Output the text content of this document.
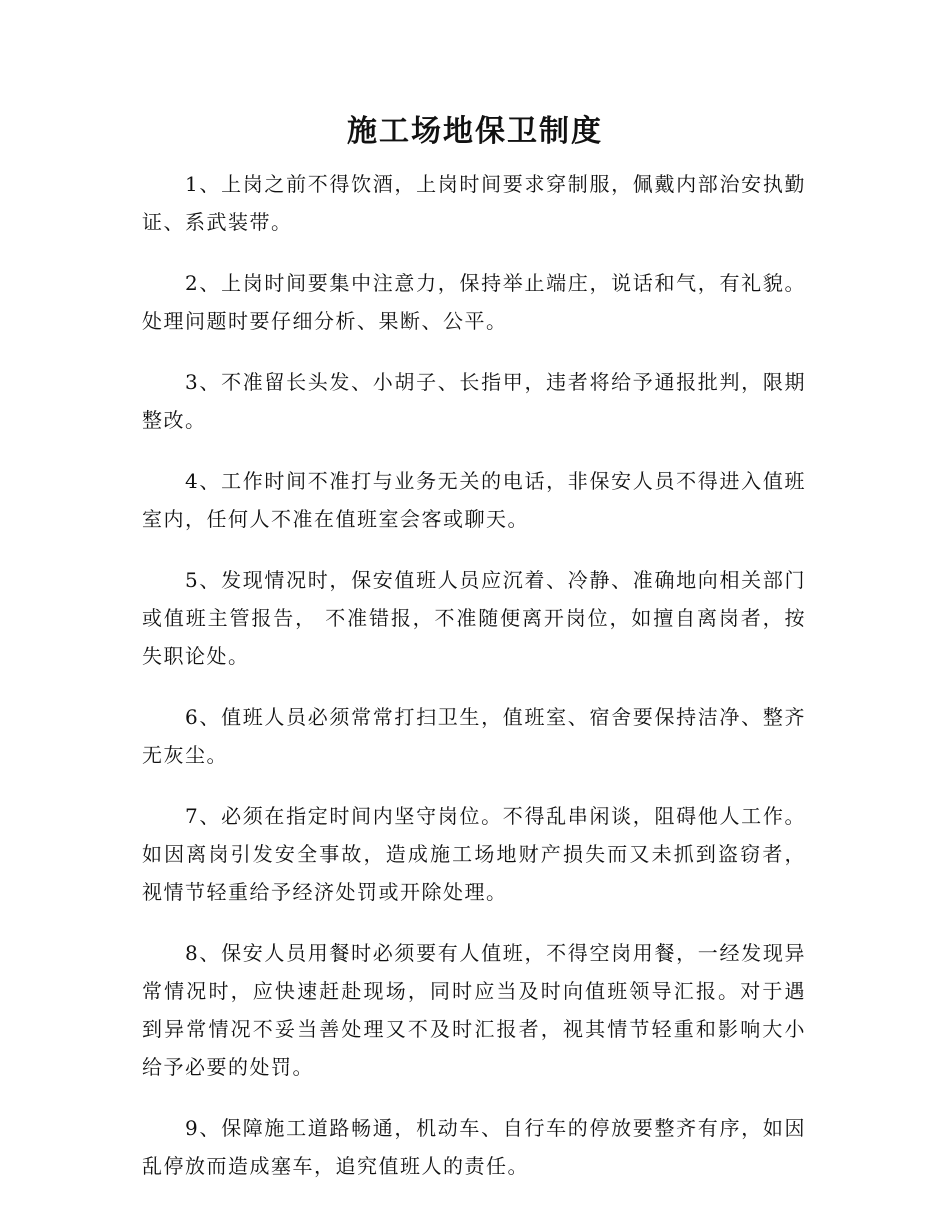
施工场地保卫制度

1、上岗之前不得饮酒，上岗时间要求穿制服，佩戴内部治安执勤证、系武装带。

2、上岗时间要集中注意力，保持举止端庄，说话和气，有礼貌。处理问题时要仔细分析、果断、公平。

3、不准留长头发、小胡子、长指甲，违者将给予通报批判，限期整改。

4、工作时间不准打与业务无关的电话，非保安人员不得进入值班室内，任何人不准在值班室会客或聊天。

5、发现情况时，保安值班人员应沉着、冷静、准确地向相关部门或值班主管报告， 不准错报，不准随便离开岗位，如擅自离岗者，按失职论处。

6、值班人员必须常常打扫卫生，值班室、宿舍要保持洁净、整齐无灰尘。

7、必须在指定时间内坚守岗位。不得乱串闲谈，阻碍他人工作。如因离岗引发安全事故，造成施工场地财产损失而又未抓到盗窃者，视情节轻重给予经济处罚或开除处理。

8、保安人员用餐时必须要有人值班，不得空岗用餐，一经发现异常情况时，应快速赶赴现场，同时应当及时向值班领导汇报。对于遇到异常情况不妥当善处理又不及时汇报者，视其情节轻重和影响大小给予必要的处罚。

9、保障施工道路畅通，机动车、自行车的停放要整齐有序，如因乱停放而造成塞车，追究值班人的责任。
